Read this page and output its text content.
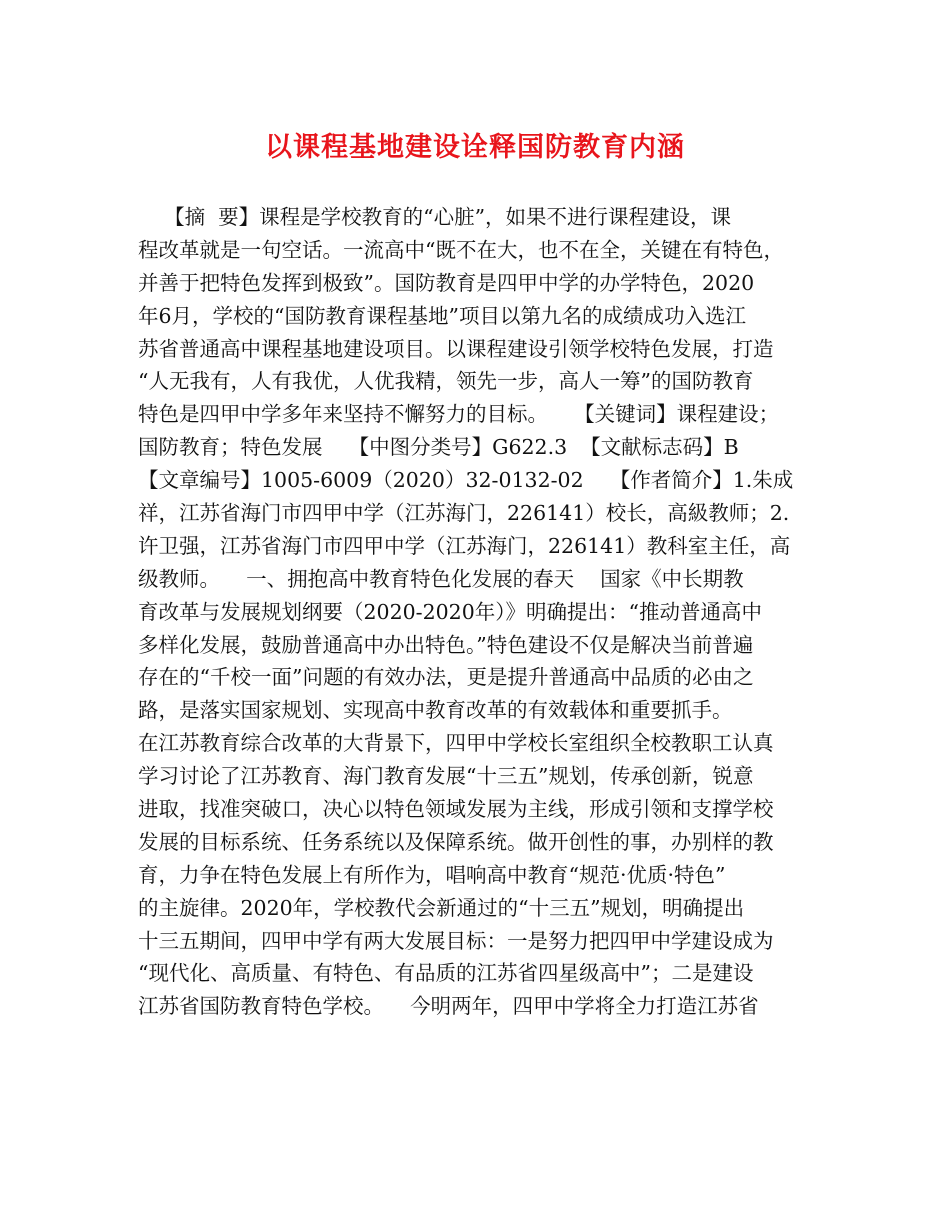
以课程基地建设诠释国防教育内涵
【摘  要】课程是学校教育的“心脏”，如果不进行课程建设，课
程改革就是一句空话。一流高中“既不在大，也不在全，关键在有特色，
并善于把特色发挥到极致”。国防教育是四甲中学的办学特色，2020
年6月，学校的“国防教育课程基地”项目以第九名的成绩成功入选江
苏省普通高中课程基地建设项目。以课程建设引领学校特色发展，打造
“人无我有，人有我优，人优我精，领先一步，高人一筹”的国防教育
特色是四甲中学多年来坚持不懈努力的目标。    【关键词】课程建设；
国防教育；特色发展    【中图分类号】G622.3  【文献标志码】B
【文章编号】1005-6009（2020）32-0132-02    【作者简介】1.朱成
祥，江苏省海门市四甲中学（江苏海门，226141）校长，高級教师；2.
许卫强，江苏省海门市四甲中学（江苏海门，226141）教科室主任，高
级教师。    一、拥抱高中教育特色化发展的春天    国家《中长期教
育改革与发展规划纲要（2020-2020年）》明确提出：“推动普通高中
多样化发展，鼓励普通高中办出特色。”特色建设不仅是解决当前普遍
存在的“千校一面”问题的有效办法，更是提升普通高中品质的必由之
路，是落实国家规划、实现高中教育改革的有效载体和重要抓手。
在江苏教育综合改革的大背景下，四甲中学校长室组织全校教职工认真
学习讨论了江苏教育、海门教育发展“十三五”规划，传承创新，锐意
进取，找准突破口，决心以特色领域发展为主线，形成引领和支撑学校
发展的目标系统、任务系统以及保障系统。做开创性的事，办别样的教
育，力争在特色发展上有所作为，唱响高中教育“规范·优质·特色”
的主旋律。2020年，学校教代会新通过的“十三五”规划，明确提出
十三五期间，四甲中学有两大发展目标：一是努力把四甲中学建设成为
“现代化、高质量、有特色、有品质的江苏省四星级高中”；二是建设
江苏省国防教育特色学校。    今明两年，四甲中学将全力打造江苏省
